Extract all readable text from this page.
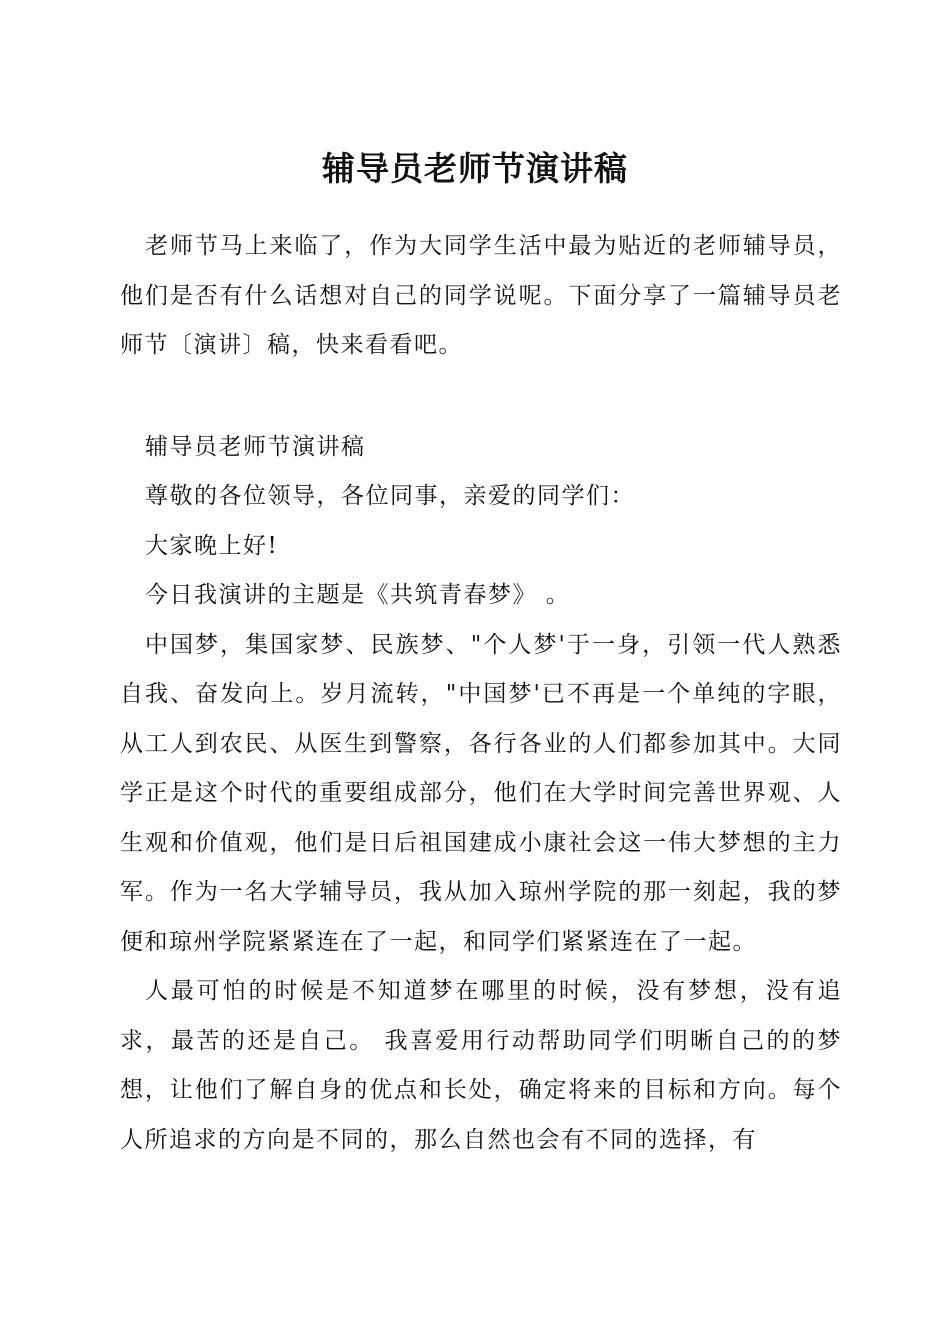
辅导员老师节演讲稿

老师节马上来临了，作为大同学生活中最为贴近的老师辅导员，他们是否有什么话想对自己的同学说呢。下面分享了一篇辅导员老师节〔演讲〕稿，快来看看吧。

辅导员老师节演讲稿

尊敬的各位领导，各位同事，亲爱的同学们：

大家晚上好!

今日我演讲的主题是《共筑青春梦》 。

中国梦，集国家梦、民族梦、"个人梦'于一身，引领一代人熟悉自我、奋发向上。岁月流转，"中国梦'已不再是一个单纯的字眼，从工人到农民、从医生到警察，各行各业的人们都参加其中。大同学正是这个时代的重要组成部分，他们在大学时间完善世界观、人生观和价值观，他们是日后祖国建成小康社会这一伟大梦想的主力军。作为一名大学辅导员，我从加入琼州学院的那一刻起，我的梦便和琼州学院紧紧连在了一起，和同学们紧紧连在了一起。

人最可怕的时候是不知道梦在哪里的时候，没有梦想，没有追求，最苦的还是自己。 我喜爱用行动帮助同学们明晰自己的的梦想，让他们了解自身的优点和长处，确定将来的目标和方向。每个人所追求的方向是不同的，那么自然也会有不同的选择，有
